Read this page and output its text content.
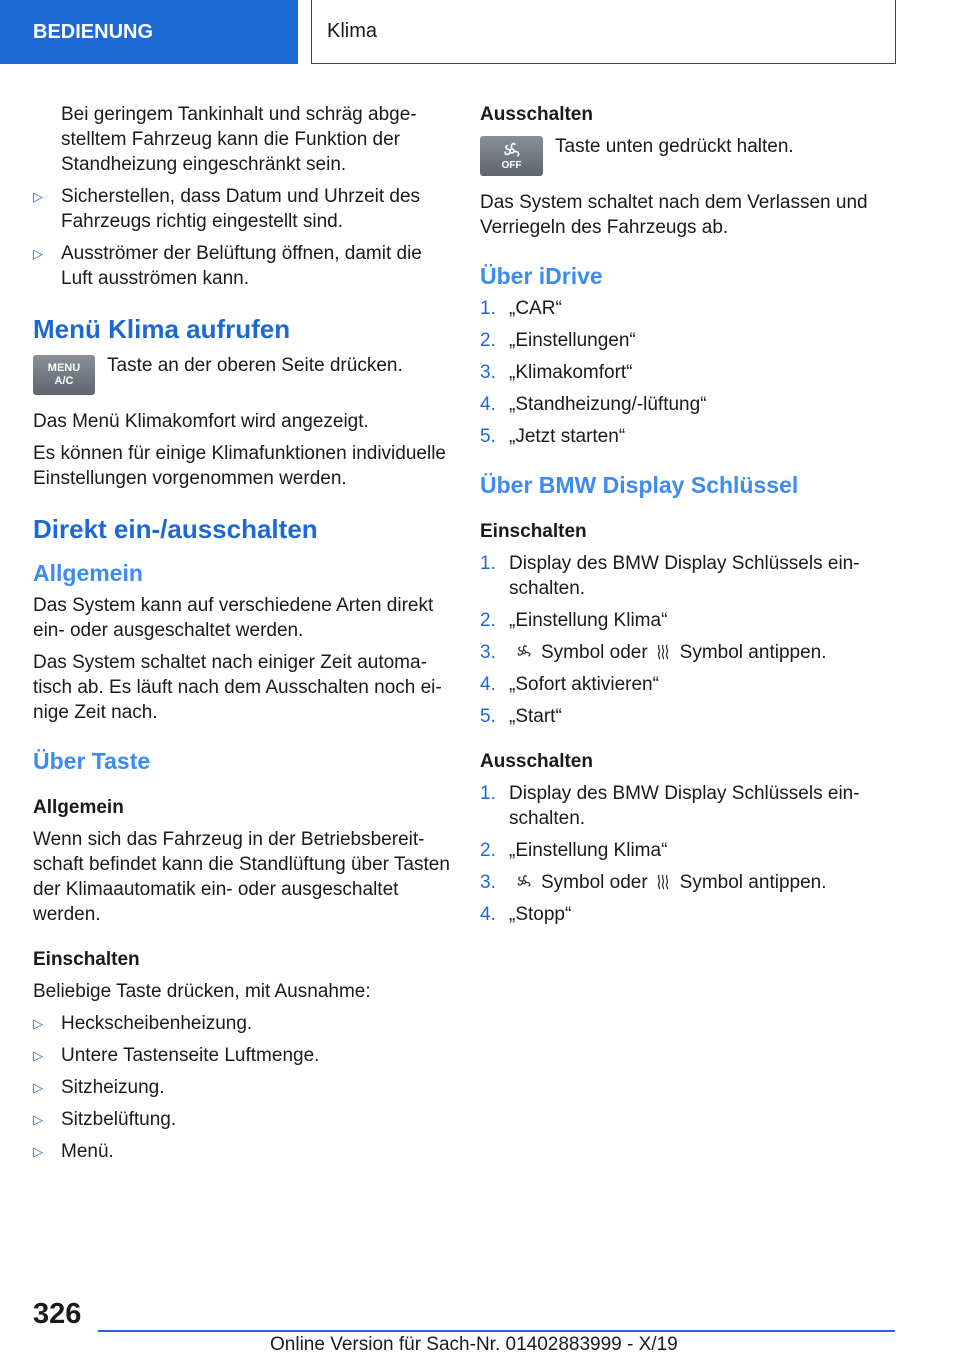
BEDIENUNG	Klima

Bei geringem Tankinhalt und schräg abgestelltem Fahrzeug kann die Funktion der Standheizung eingeschränkt sein.

▷ Sicherstellen, dass Datum und Uhrzeit des Fahrzeugs richtig eingestellt sind.
▷ Ausströmer der Belüftung öffnen, damit die Luft ausströmen kann.
Menü Klima aufrufen
MENU A/C
Taste an der oberen Seite drücken.

Das Menü Klimakomfort wird angezeigt.

Es können für einige Klimafunktionen individuelle Einstellungen vorgenommen werden.

Direkt ein-/ausschalten
Allgemein

Das System kann auf verschiedene Arten direkt ein- oder ausgeschaltet werden.

Das System schaltet nach einiger Zeit automatisch ab. Es läuft nach dem Ausschalten noch einige Zeit nach.

Über Taste
Allgemein

Wenn sich das Fahrzeug in der Betriebsbereitschaft befindet kann die Standlüftung über Tasten der Klimaautomatik ein- oder ausgeschaltet werden.

Einschalten

Beliebige Taste drücken, mit Ausnahme:

▷ Heckscheibenheizung.
▷ Untere Tastenseite Luftmenge.
▷ Sitzheizung.
▷ Sitzbelüftung.
▷ Menü.
Ausschalten
OFF
Taste unten gedrückt halten.

Das System schaltet nach dem Verlassen und Verriegeln des Fahrzeugs ab.

Über iDrive
1. „CAR“
2. „Einstellungen“
3. „Klimakomfort“
4. „Standheizung/-lüftung“
5. „Jetzt starten“
Über BMW Display Schlüssel
Einschalten
1. Display des BMW Display Schlüssels einschalten.
2. „Einstellung Klima“
3.	Symbol oder Symbol antippen.
4. „Sofort aktivieren“
5. „Start“
Ausschalten
1. Display des BMW Display Schlüssels einschalten.
2. „Einstellung Klima“
3.	Symbol oder Symbol antippen.
4. „Stopp“
326
Online Version für Sach-Nr. 01402883999 - X/19
